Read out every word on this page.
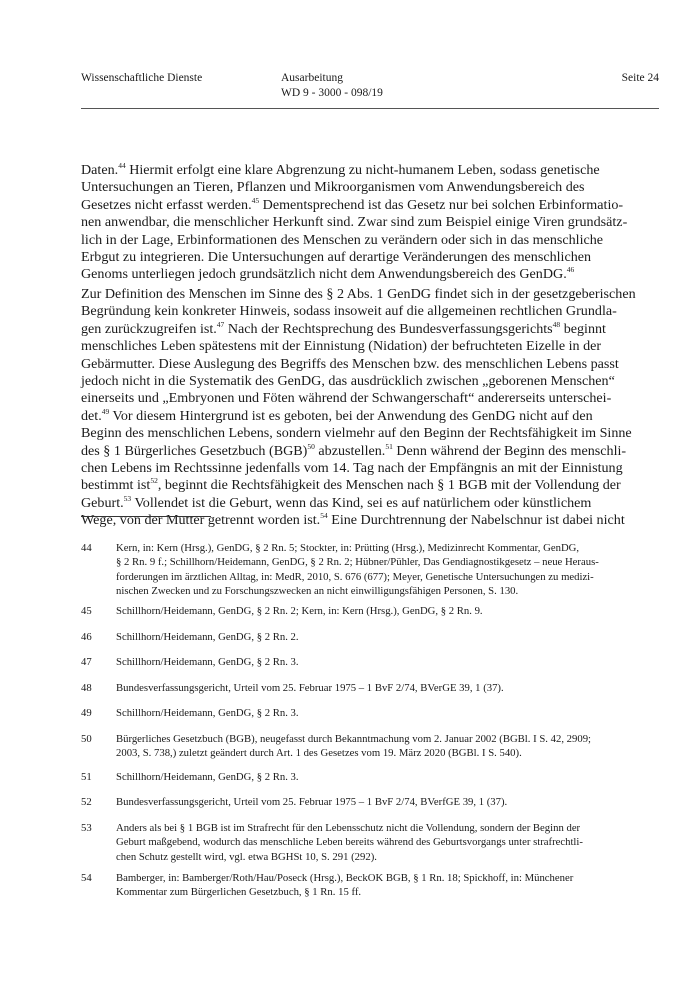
Wissenschaftliche Dienste	Ausarbeitung
WD 9 - 3000 - 098/19
Seite 24
Daten.$^{44}$ Hiermit erfolgt eine klare Abgrenzung zu nicht-humanem Leben, sodass genetische
Untersuchungen an Tieren, Pflanzen und Mikroorganismen vom Anwendungsbereich des
Gesetzes nicht erfasst werden.$^{45}$ Dementsprechend ist das Gesetz nur bei solchen Erbinformatio-
nen anwendbar, die menschlicher Herkunft sind. Zwar sind zum Beispiel einige Viren grundsätz-
lich in der Lage, Erbinformationen des Menschen zu verändern oder sich in das menschliche
Erbgut zu integrieren. Die Untersuchungen auf derartige Veränderungen des menschlichen
Genoms unterliegen jedoch grundsätzlich nicht dem Anwendungsbereich des GenDG.$^{46}$
Zur Definition des Menschen im Sinne des § 2 Abs. 1 GenDG findet sich in der gesetzgeberischen
Begründung kein konkreter Hinweis, sodass insoweit auf die allgemeinen rechtlichen Grundla-
gen zurückzugreifen ist.$^{47}$ Nach der Rechtsprechung des Bundesverfassungsgerichts$^{48}$ beginnt
menschliches Leben spätestens mit der Einnistung (Nidation) der befruchteten Eizelle in der
Gebärmutter. Diese Auslegung des Begriffs des Menschen bzw. des menschlichen Lebens passt
jedoch nicht in die Systematik des GenDG, das ausdrücklich zwischen „geborenen Menschen“
einerseits und „Embryonen und Föten während der Schwangerschaft“ andererseits unterschei-
det.$^{49}$ Vor diesem Hintergrund ist es geboten, bei der Anwendung des GenDG nicht auf den
Beginn des menschlichen Lebens, sondern vielmehr auf den Beginn der Rechtsfähigkeit im Sinne
des § 1 Bürgerliches Gesetzbuch (BGB)$^{50}$ abzustellen.$^{51}$ Denn während der Beginn des menschli-
chen Lebens im Rechtssinne jedenfalls vom 14. Tag nach der Empfängnis an mit der Einnistung
bestimmt ist$^{52}$, beginnt die Rechtsfähigkeit des Menschen nach § 1 BGB mit der Vollendung der
Geburt.$^{53}$ Vollendet ist die Geburt, wenn das Kind, sei es auf natürlichem oder künstlichem
Wege, von der Mutter getrennt worden ist.$^{54}$ Eine Durchtrennung der Nabelschnur ist dabei nicht
44 Kern, in: Kern (Hrsg.), GenDG, § 2 Rn. 5; Stockter, in: Prütting (Hrsg.), Medizinrecht Kommentar, GenDG,
§ 2 Rn. 9 f.; Schillhorn/Heidemann, GenDG, § 2 Rn. 2; Hübner/Pühler, Das Gendiagnostikgesetz – neue Heraus-
forderungen im ärztlichen Alltag, in: MedR, 2010, S. 676 (677); Meyer, Genetische Untersuchungen zu medizi-
nischen Zwecken und zu Forschungszwecken an nicht einwilligungsfähigen Personen, S. 130.
45 Schillhorn/Heidemann, GenDG, § 2 Rn. 2; Kern, in: Kern (Hrsg.), GenDG, § 2 Rn. 9.
46 Schillhorn/Heidemann, GenDG, § 2 Rn. 2.
47 Schillhorn/Heidemann, GenDG, § 2 Rn. 3.
48 Bundesverfassungsgericht, Urteil vom 25. Februar 1975 – 1 BvF 2/74, BVerGE 39, 1 (37).
49 Schillhorn/Heidemann, GenDG, § 2 Rn. 3.
50 Bürgerliches Gesetzbuch (BGB), neugefasst durch Bekanntmachung vom 2. Januar 2002 (BGBl. I S. 42, 2909;
2003, S. 738,) zuletzt geändert durch Art. 1 des Gesetzes vom 19. März 2020 (BGBl. I S. 540).
51 Schillhorn/Heidemann, GenDG, § 2 Rn. 3.
52 Bundesverfassungsgericht, Urteil vom 25. Februar 1975 – 1 BvF 2/74, BVerfGE 39, 1 (37).
53 Anders als bei § 1 BGB ist im Strafrecht für den Lebensschutz nicht die Vollendung, sondern der Beginn der
Geburt maßgebend, wodurch das menschliche Leben bereits während des Geburtsvorgangs unter strafrechtli-
chen Schutz gestellt wird, vgl. etwa BGHSt 10, S. 291 (292).
54 Bamberger, in: Bamberger/Roth/Hau/Poseck (Hrsg.), BeckOK BGB, § 1 Rn. 18; Spickhoff, in: Münchener
Kommentar zum Bürgerlichen Gesetzbuch, § 1 Rn. 15 ff.
